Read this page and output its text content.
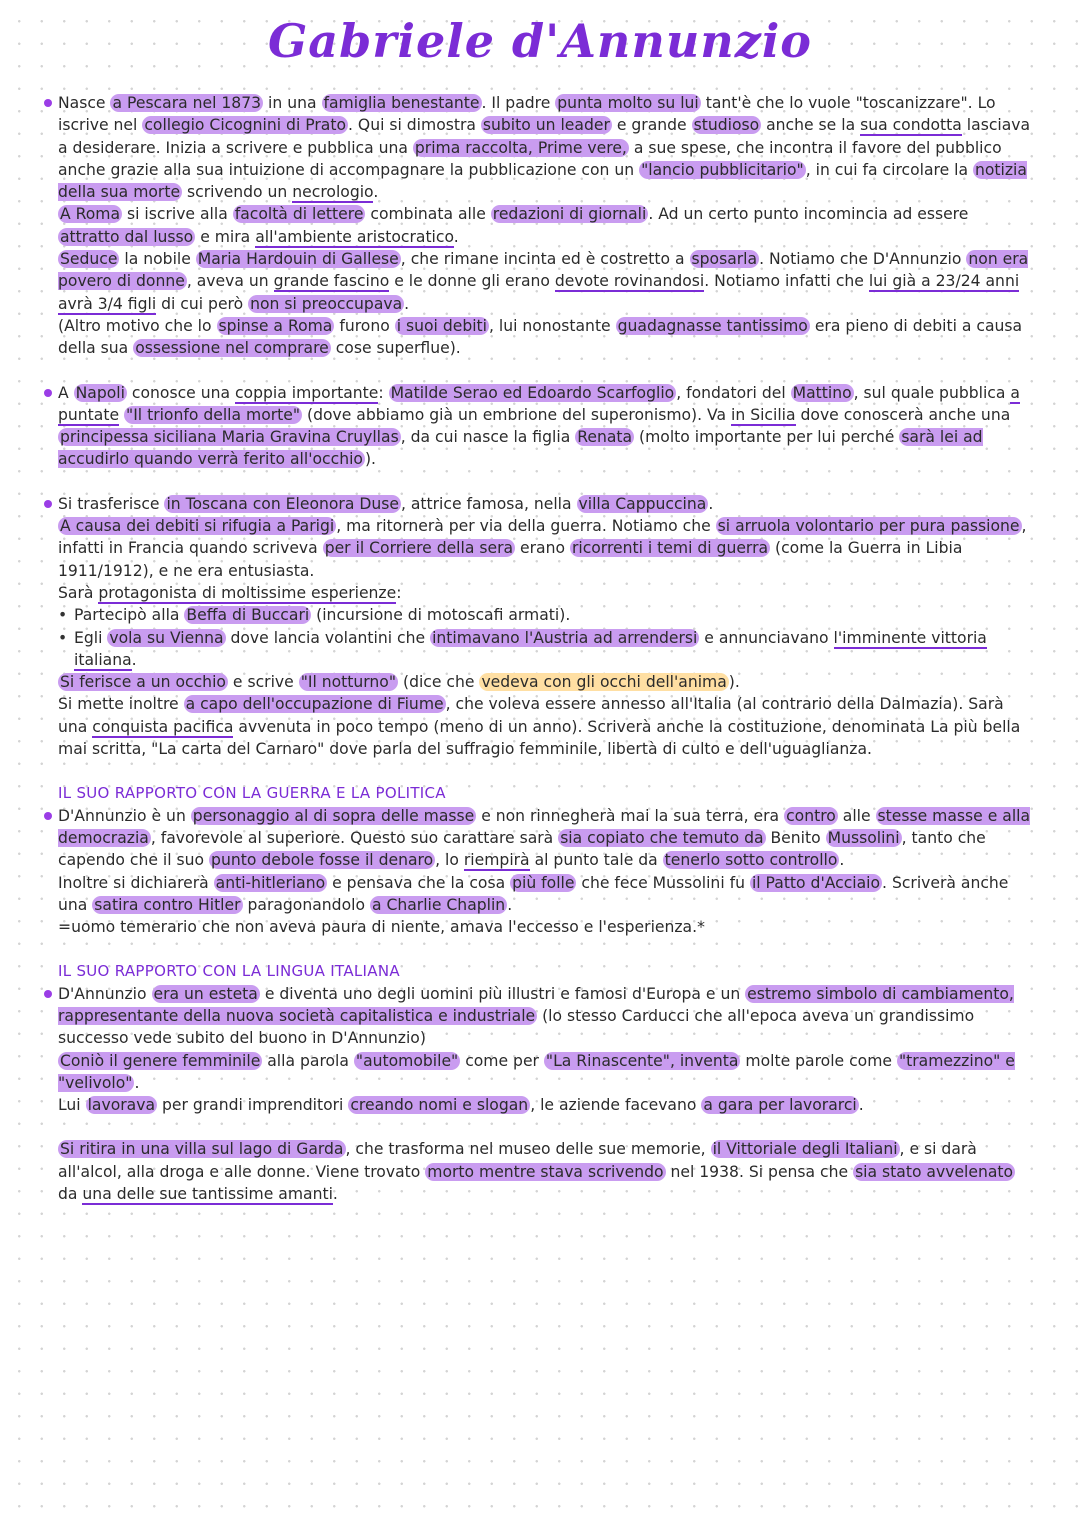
Gabriele d'Annunzio
Nasce a Pescara nel 1873 in una famiglia benestante . Il padre punta molto su lui tant'è che lo vuole "toscanizzare". Lo iscrive nel collegio Cicognini di Prato . Qui si dimostra subito un leader e grande studioso anche se la sua condotta lasciava a desiderare. Inizia a scrivere e pubblica una prima raccolta, Prime vere, a sue spese, che incontra il favore del pubblico anche grazie alla sua intuizione di accompagnare la pubblicazione con un "lancio pubblicitario" , in cui fa circolare la notizia della sua morte scrivendo un necrologio.
A Roma si iscrive alla facoltà di lettere combinata alle redazioni di giornali . Ad un certo punto incomincia ad essere attratto dal lusso e mira all'ambiente aristocratico.
Seduce la nobile Maria Hardouin di Gallese , che rimane incinta ed è costretto a sposarla . Notiamo che D'Annunzio non era povero di donne , aveva un grande fascino e le donne gli erano devote rovinandosi. Notiamo infatti che lui già a 23/24 anni avrà 3/4 figli di cui però non si preoccupava .
(Altro motivo che lo spinse a Roma furono i suoi debiti , lui nonostante guadagnasse tantissimo era pieno di debiti a causa della sua ossessione nel comprare cose superflue).
A Napoli conosce una coppia importante: Matilde Serao ed Edoardo Scarfoglio , fondatori del Mattino , sul quale pubblica a puntate "Il trionfo della morte" (dove abbiamo già un embrione del superonismo). Va in Sicilia dove conoscerà anche una principessa siciliana Maria Gravina Cruyllas , da cui nasce la figlia Renata (molto importante per lui perché sarà lei ad accudirlo quando verrà ferito all'occhio ).
Si trasferisce in Toscana con Eleonora Duse , attrice famosa, nella villa Cappuccina .
A causa dei debiti si rifugia a Parigi , ma ritornerà per via della guerra. Notiamo che si arruola volontario per pura passione , infatti in Francia quando scriveva per il Corriere della sera erano ricorrenti i temi di guerra (come la Guerra in Libia 1911/1912), e ne era entusiasta.
Sarà protagonista di moltissime esperienze:
• Partecipò alla Beffa di Buccari (incursione di motoscafi armati).
• Egli vola su Vienna dove lancia volantini che intimavano l'Austria ad arrendersi e annunciavano l'imminente vittoria italiana.
Si ferisce a un occhio e scrive "Il notturno" (dice che vedeva con gli occhi dell'anima ).
Si mette inoltre a capo dell'occupazione di Fiume , che voleva essere annesso all'Italia (al contrario della Dalmazia). Sarà una conquista pacifica avvenuta in poco tempo (meno di un anno). Scriverà anche la costituzione, denominata La più bella mai scritta, "La carta del Carnaro" dove parla del suffragio femminile, libertà di culto e dell'uguaglianza.
IL SUO RAPPORTO CON LA GUERRA E LA POLITICA
D'Annunzio è un personaggio al di sopra delle masse e non rinnegherà mai la sua terra, era contro alle stesse masse e alla democrazia , favorevole al superiore. Questo suo carattare sarà sia copiato che temuto da Benito Mussolini , tanto che capendo che il suo punto debole fosse il denaro , lo riempirà al punto tale da tenerlo sotto controllo .
Inoltre si dichiarerà anti-hitleriano e pensava che la cosa più folle che fece Mussolini fu il Patto d'Acciaio . Scriverà anche una satira contro Hitler paragonandolo a Charlie Chaplin .
=uomo temerario che non aveva paura di niente, amava l'eccesso e l'esperienza.*
IL SUO RAPPORTO CON LA LINGUA ITALIANA
D'Annunzio era un esteta e diventa uno degli uomini più illustri e famosi d'Europa e un estremo simbolo di cambiamento, rappresentante della nuova società capitalistica e industriale (lo stesso Carducci che all'epoca aveva un grandissimo successo vede subito del buono in D'Annunzio)
Coniò il genere femminile alla parola "automobile" come per "La Rinascente", inventa molte parole come "tramezzino" e "velivolo" .
Lui lavorava per grandi imprenditori creando nomi e slogan , le aziende facevano a gara per lavorarci .
Si ritira in una villa sul lago di Garda , che trasforma nel museo delle sue memorie, il Vittoriale degli Italiani , e si darà all'alcol, alla droga e alle donne. Viene trovato morto mentre stava scrivendo nel 1938. Si pensa che sia stato avvelenato da una delle sue tantissime amanti.
